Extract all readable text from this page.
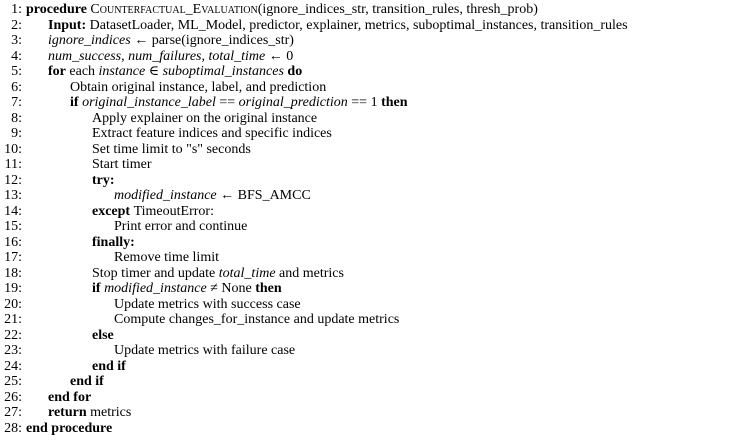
1: procedure Counterfactual_Evaluation(ignore_indices_str, transition_rules, thresh_prob)
2: Input: DatasetLoader, ML_Model, predictor, explainer, metrics, suboptimal_instances, transition_rules
3: ignore_indices ← parse(ignore_indices_str)
4: num_success, num_failures, total_time ← 0
5: for each instance ∈ suboptimal_instances do
6:	Obtain original instance, label, and prediction
7:	if original_instance_label == original_prediction == 1 then
8:	Apply explainer on the original instance
9:	Extract feature indices and specific indices
10:	Set time limit to "s" seconds
11:	Start timer
12:	try:
13:	modified_instance ← BFS_AMCC
14:	except TimeoutError:
15:	Print error and continue
16:	finally:
17:	Remove time limit
18:	Stop timer and update total_time and metrics
19:	if modified_instance ≠ None then
20:	Update metrics with success case
21:	Compute changes_for_instance and update metrics
22:	else
23:	Update metrics with failure case
24:	end if
25:	end if
26: end for
27: return metrics
28: end procedure
